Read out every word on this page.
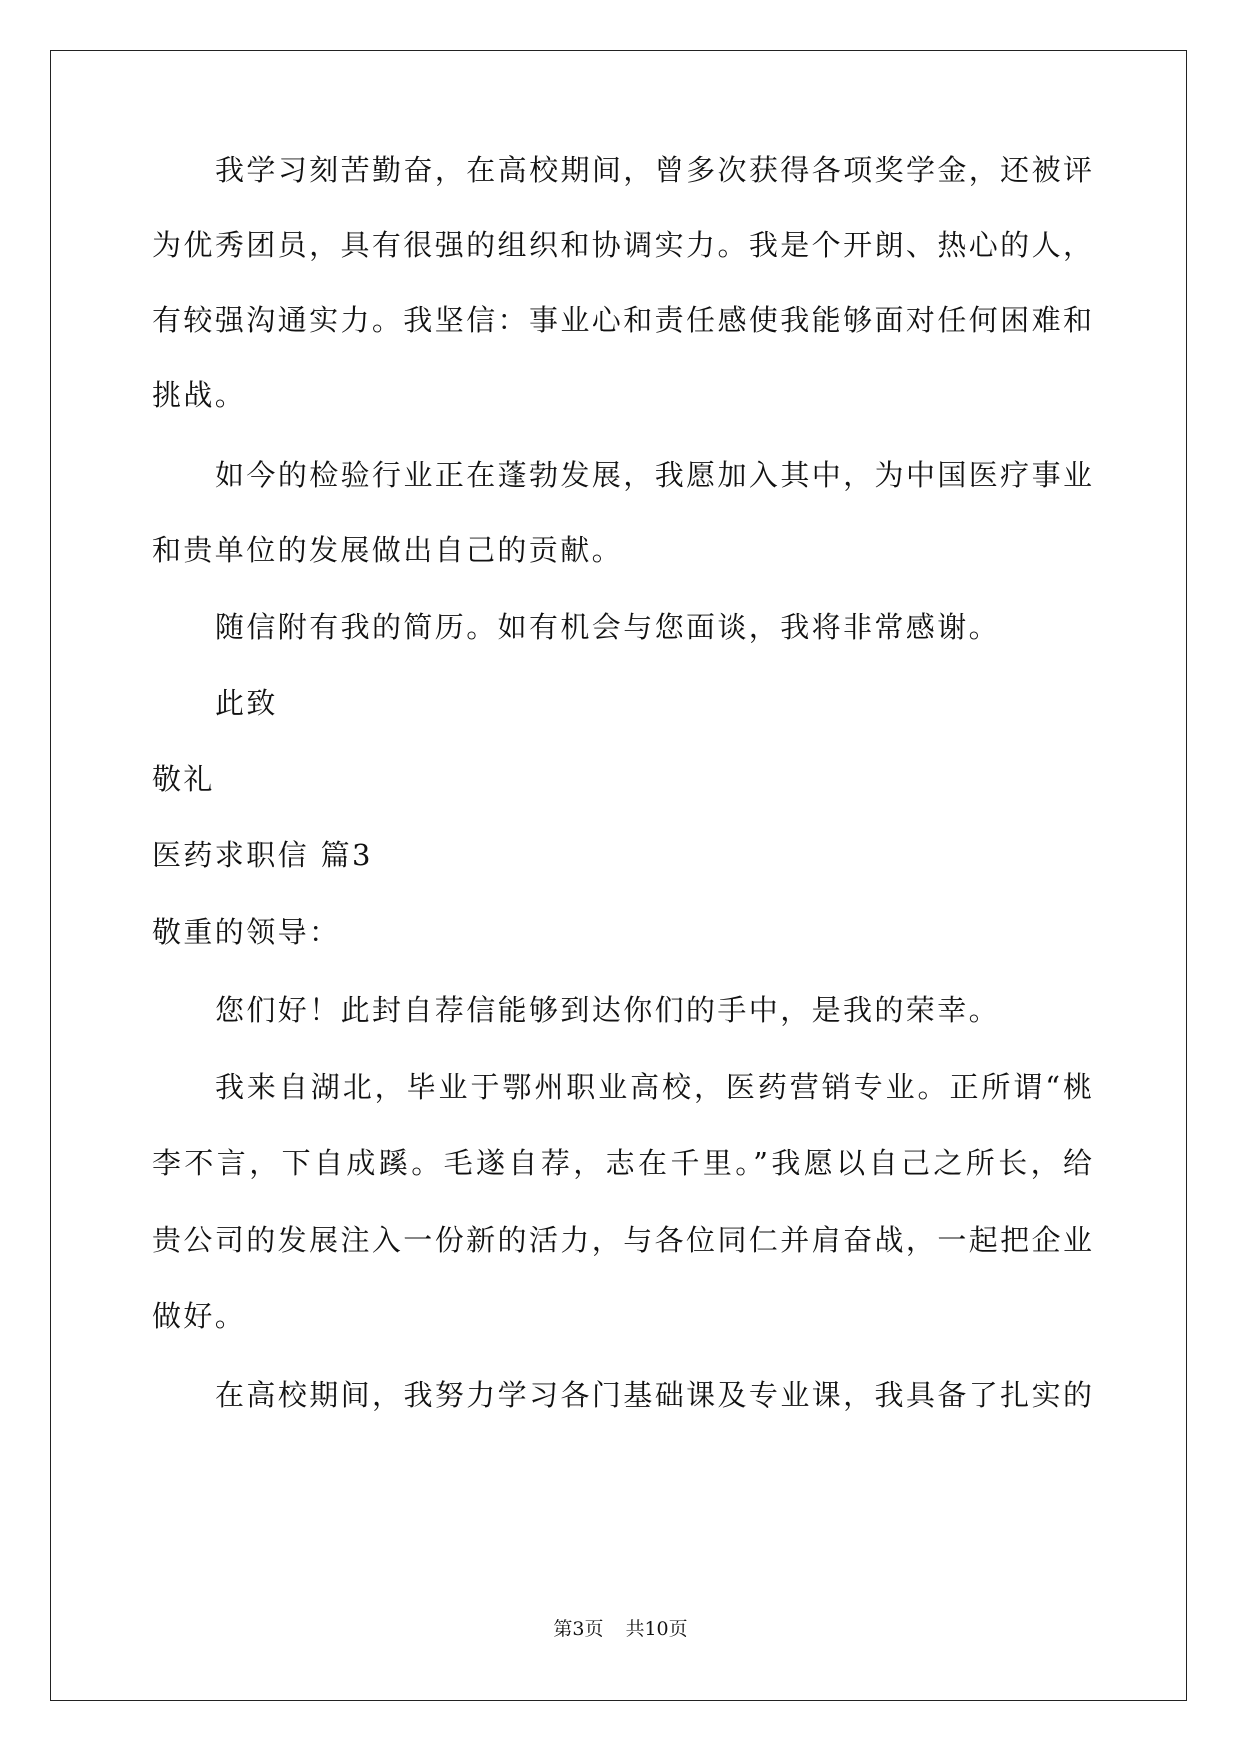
我学习刻苦勤奋，在高校期间，曾多次获得各项奖学金，还被评
为优秀团员，具有很强的组织和协调实力。我是个开朗、热心的人，
有较强沟通实力。我坚信：事业心和责任感使我能够面对任何困难和
挑战。
如今的检验行业正在蓬勃发展，我愿加入其中，为中国医疗事业
和贵单位的发展做出自己的贡献。
随信附有我的简历。如有机会与您面谈，我将非常感谢。
此致
敬礼
医药求职信 篇3
敬重的领导：
您们好！此封自荐信能够到达你们的手中，是我的荣幸。
我来自湖北，毕业于鄂州职业高校，医药营销专业。正所谓“桃
李不言，下自成蹊。毛遂自荐，志在千里。”我愿以自己之所长，给
贵公司的发展注入一份新的活力，与各位同仁并肩奋战，一起把企业
做好。
在高校期间，我努力学习各门基础课及专业课，我具备了扎实的
第3页 共10页
